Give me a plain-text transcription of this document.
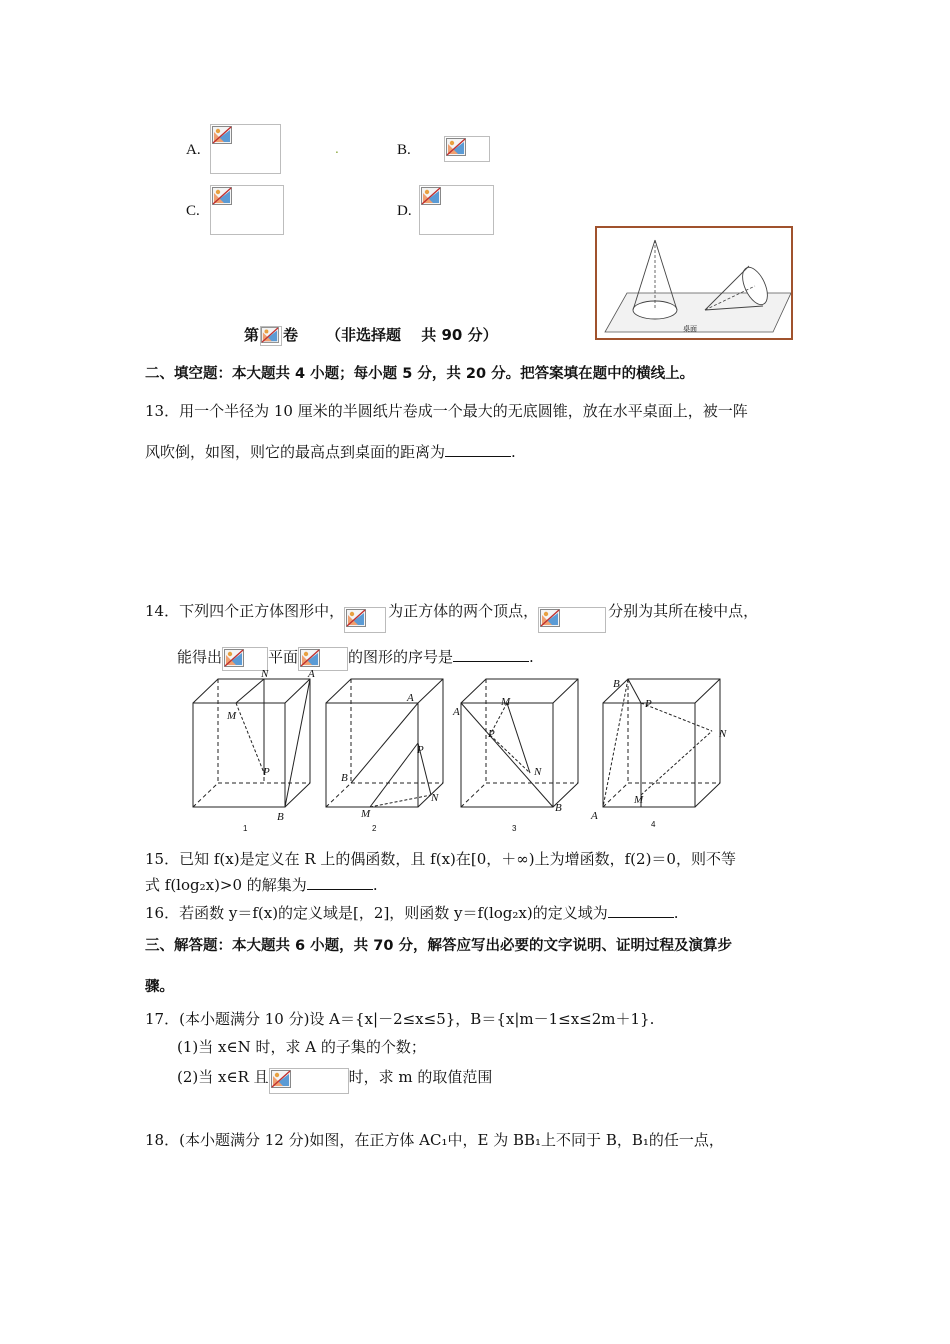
A.	.	B.
C.	D.
桌面
第 卷 （非选择题　 共 90 分）
二、填空题：本大题共 4 小题；每小题 5 分，共 20 分。把答案填在题中的横线上。
13．用一个半径为 10 厘米的半圆纸片卷成一个最大的无底圆锥，放在水平桌面上，被一阵
风吹倒，如图，则它的最高点到桌面的距离为	.
14．下列四个正方体图形中，	为正方体的两个顶点，	分别为其所在棱中点，
能得出	平面	的图形的序号是	.
N	A
M
P
B
A
B
P
N
M
A
M
P
N
B
B
P
N
A
M
1	2	3	4
15．已知 f(x)是定义在 R 上的偶函数，且 f(x)在[0，＋∞)上为增函数，f(2)＝0，则不等
式 f(log₂x)>0 的解集为	.
16．若函数 y＝f(x)的定义域是[，2]，则函数 y＝f(log₂x)的定义域为	.
三、解答题：本大题共 6 小题，共 70 分，解答应写出必要的文字说明、证明过程及演算步
骤。
17．(本小题满分 10 分)设 A＝{x|－2≤x≤5}，B＝{x|m－1≤x≤2m＋1}.
(1)当 x∈N 时，求 A 的子集的个数；
(2)当 x∈R 且	时，求 m 的取值范围
18．(本小题满分 12 分)如图，在正方体 AC₁中，E 为 BB₁上不同于 B，B₁的任一点，
